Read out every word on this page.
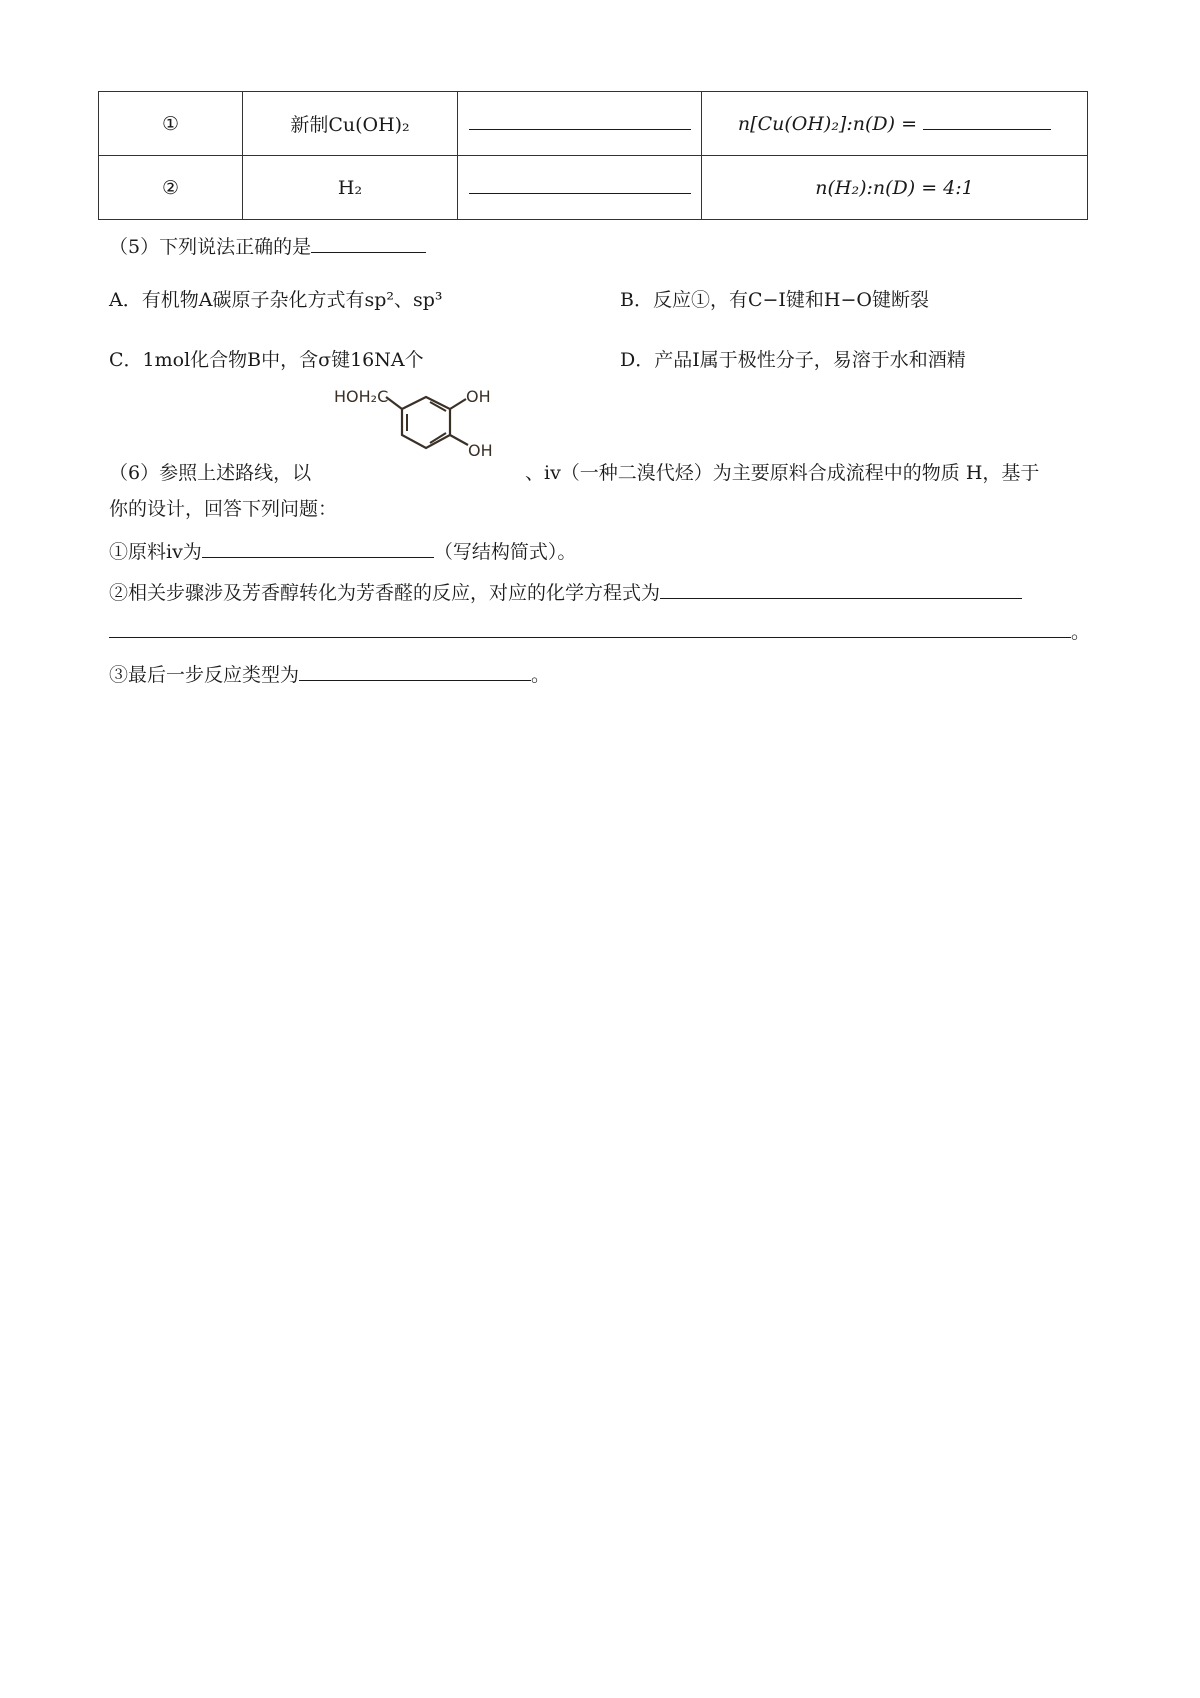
①	新制Cu(OH)₂		n[Cu(OH)₂]:n(D) =
②	H₂		n(H₂):n(D) = 4:1
（5）下列说法正确的是
A．有机物A碳原子杂化方式有sp²、sp³	B．反应①，有C−I键和H−O键断裂
C．1mol化合物B中，含σ键16NA个	D．产品I属于极性分子，易溶于水和酒精
HOH₂C	OH
OH
（6）参照上述路线，以	、iv（一种二溴代烃）为主要原料合成流程中的物质 H，基于
你的设计，回答下列问题：
①原料iv为	（写结构简式）。
②相关步骤涉及芳香醇转化为芳香醛的反应，对应的化学方程式为
。
③最后一步反应类型为	。
